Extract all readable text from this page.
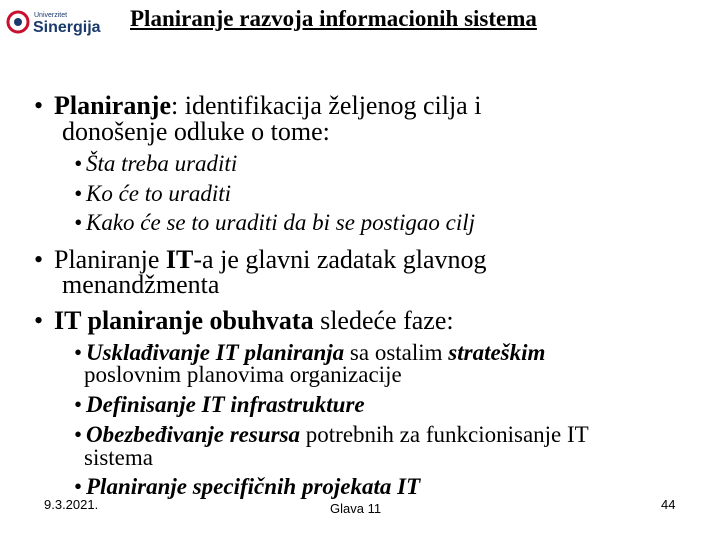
Univerzitet
Sinergija Planiranje razvoja informacionih sistema
• Planiranje: identifikacija željenog cilja i
donošenje odluke o tome:
• Šta treba uraditi
• Ko će to uraditi
• Kako će se to uraditi da bi se postigao cilj
• Planiranje IT-a je glavni zadatak glavnog
menandžmenta
• IT planiranje obuhvata sledeće faze:
• Usklađivanje IT planiranja sa ostalim strateškim
poslovnim planovima organizacije
• Definisanje IT infrastrukture
• Obezbeđivanje resursa potrebnih za funkcionisanje IT
sistema
• Planiranje specifičnih projekata IT
9.3.2021.	Glava 11	44
